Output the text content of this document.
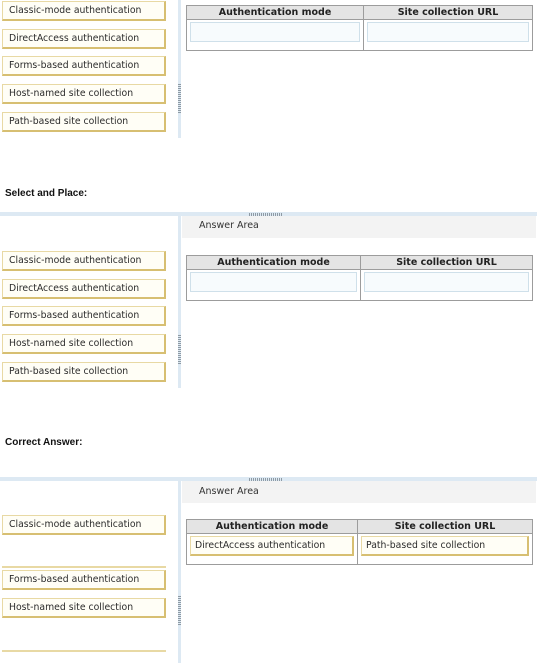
Classic-mode authentication
DirectAccess authentication
Forms-based authentication
Host-named site collection
Path-based site collection
Authentication mode	Site collection URL

Select and Place:
Answer Area
Classic-mode authentication
DirectAccess authentication
Forms-based authentication
Host-named site collection
Path-based site collection
Authentication mode	Site collection URL

Correct Answer:
Answer Area
Classic-mode authentication
Forms-based authentication
Host-named site collection
Authentication mode	Site collection URL

DirectAccess authentication	Path-based site collection
